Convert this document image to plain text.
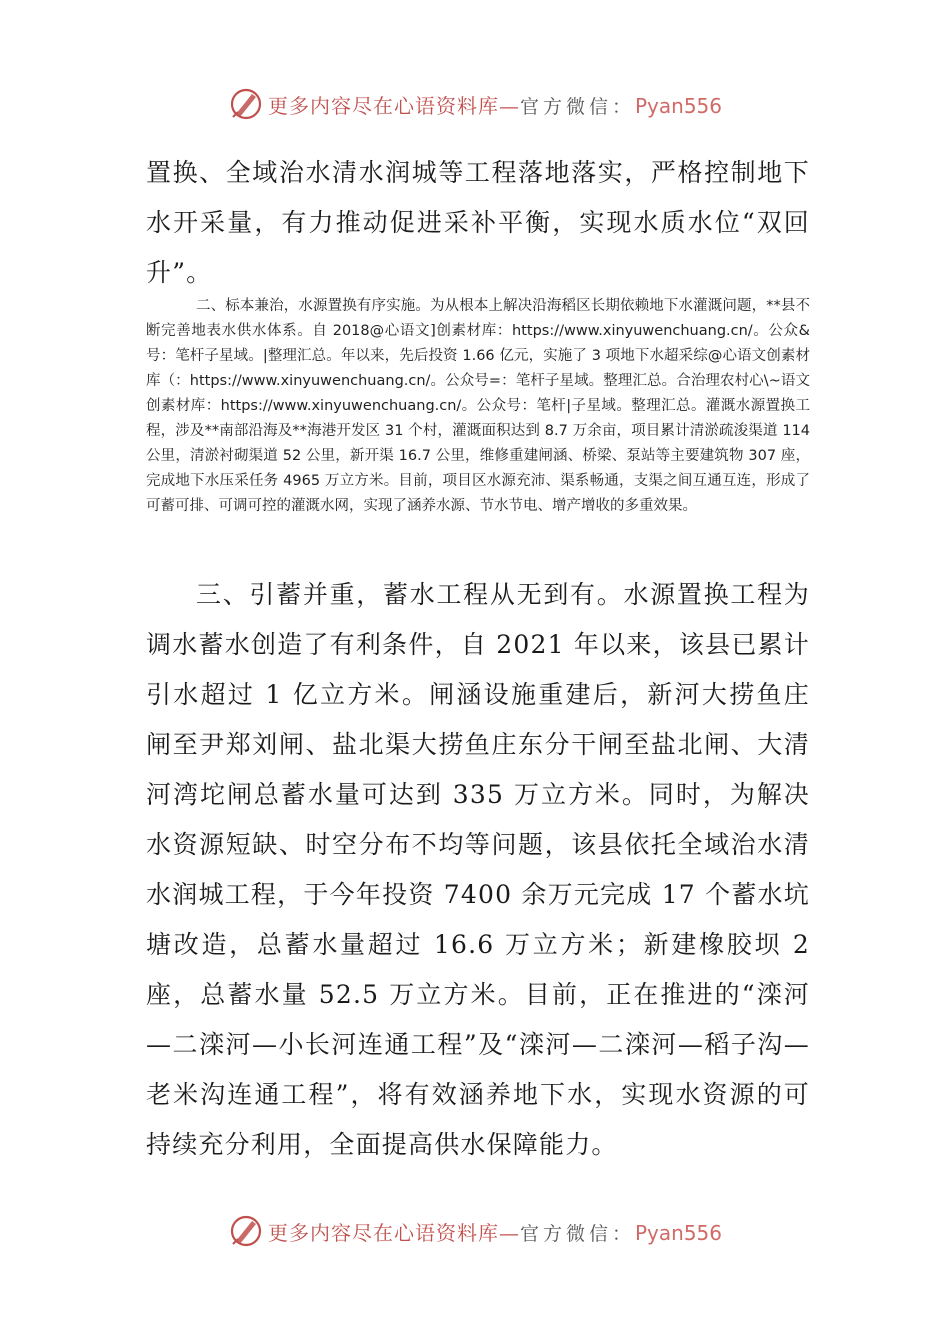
更多内容尽在心语资料库—官方微信：Pyan556
置换、全域治水清水润城等工程落地落实，严格控制地下水开采量，有力推动促进采补平衡，实现水质水位“双回升”。
二、标本兼治，水源置换有序实施。为从根本上解决沿海稻区长期依赖地下水灌溉问题，**县不断完善地表水供水体系。自 2018@心语文]创素材库：https://www.xinyuwenchuang.cn/。公众&号：笔杆子星域。|整理汇总。年以来，先后投资 1.66 亿元，实施了 3 项地下水超采综@心语文创素材库（：https://www.xinyuwenchuang.cn/。公众号=：笔杆子星域。整理汇总。合治理农村心\~语文创素材库：https://www.xinyuwenchuang.cn/。公众号：笔杆|子星域。整理汇总。灌溉水源置换工程，涉及**南部沿海及**海港开发区 31 个村，灌溉面积达到 8.7 万余亩，项目累计清淤疏浚渠道 114 公里，清淤衬砌渠道 52 公里，新开渠 16.7 公里，维修重建闸涵、桥梁、泵站等主要建筑物 307 座，完成地下水压采任务 4965 万立方米。目前，项目区水源充沛、渠系畅通，支渠之间互通互连，形成了可蓄可排、可调可控的灌溉水网，实现了涵养水源、节水节电、增产增收的多重效果。
三、引蓄并重，蓄水工程从无到有。水源置换工程为调水蓄水创造了有利条件，自 2021 年以来，该县已累计引水超过 1 亿立方米。闸涵设施重建后，新河大捞鱼庄闸至尹郑刘闸、盐北渠大捞鱼庄东分干闸至盐北闸、大清河湾坨闸总蓄水量可达到 335 万立方米。同时，为解决水资源短缺、时空分布不均等问题，该县依托全域治水清水润城工程，于今年投资 7400 余万元完成 17 个蓄水坑塘改造，总蓄水量超过 16.6 万立方米；新建橡胶坝 2 座，总蓄水量 52.5 万立方米。目前，正在推进的“滦河—二滦河—小长河连通工程”及“滦河—二滦河—稻子沟—老米沟连通工程”，将有效涵养地下水，实现水资源的可持续充分利用，全面提高供水保障能力。
更多内容尽在心语资料库—官方微信：Pyan556
